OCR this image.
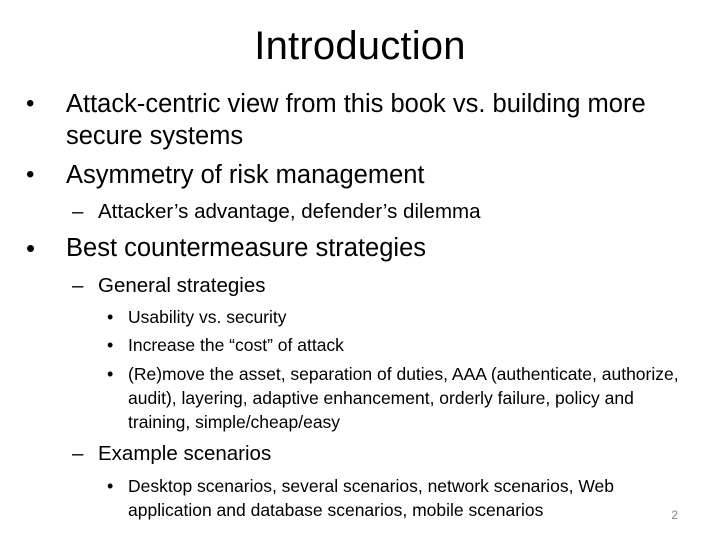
Introduction
•	Attack-centric view from this book vs. building more secure systems
•	Asymmetry of risk management
– Attacker’s advantage, defender’s dilemma
•	Best countermeasure strategies
– General strategies
• Usability vs. security
• Increase the “cost” of attack
• (Re)move the asset, separation of duties, AAA (authenticate, authorize, audit), layering, adaptive enhancement, orderly failure, policy and training, simple/cheap/easy
– Example scenarios
• Desktop scenarios, several scenarios, network scenarios, Web application and database scenarios, mobile scenarios	2
